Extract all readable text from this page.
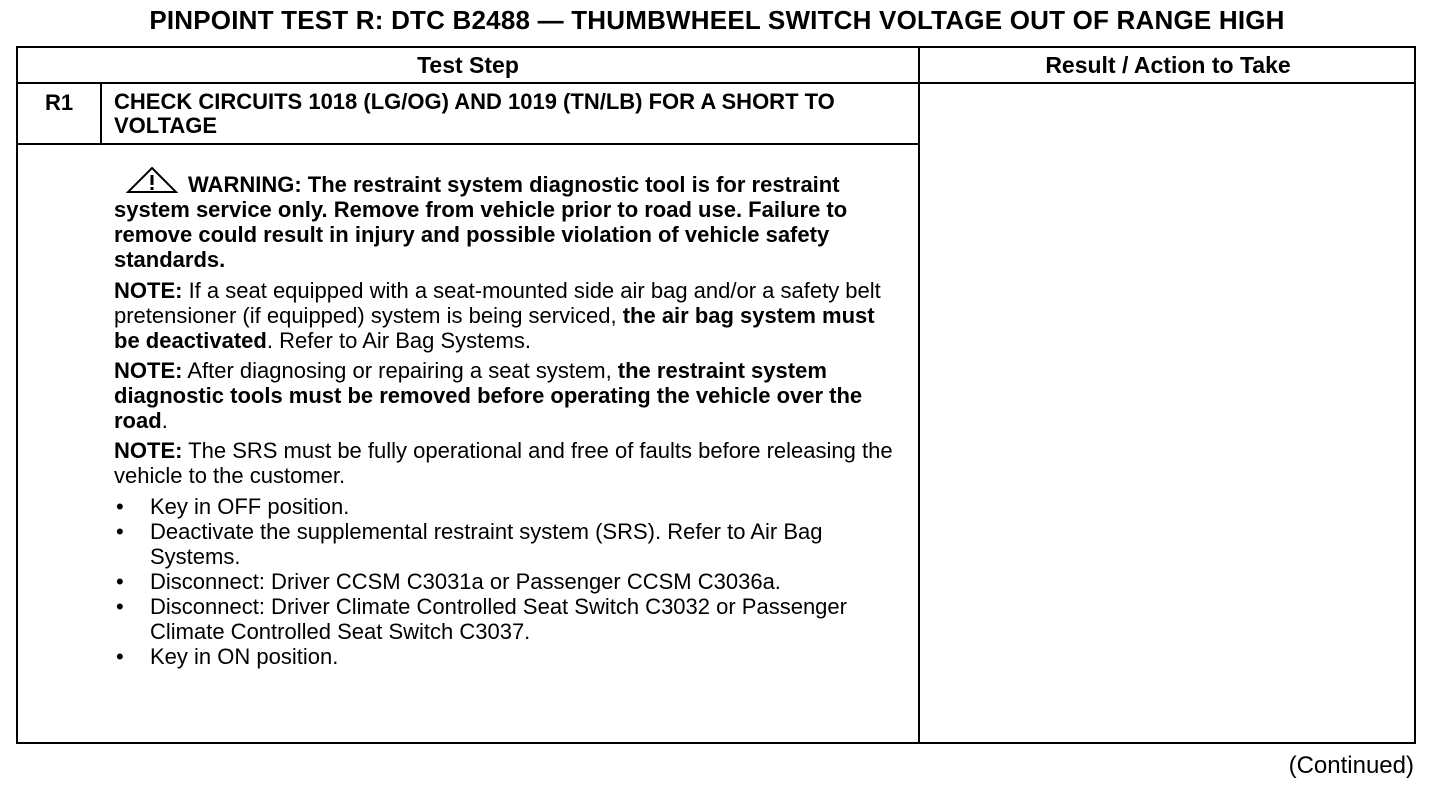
PINPOINT TEST R: DTC B2488 — THUMBWHEEL SWITCH VOLTAGE OUT OF RANGE HIGH
Test Step	Result / Action to Take
R1	CHECK CIRCUITS 1018 (LG/OG) AND 1019 (TN/LB) FOR A SHORT TO VOLTAGE
WARNING: The restraint system diagnostic tool is for restraint system service only. Remove from vehicle prior to road use. Failure to remove could result in injury and possible violation of vehicle safety standards.
NOTE: If a seat equipped with a seat-mounted side air bag and/or a safety belt pretensioner (if equipped) system is being serviced, the air bag system must be deactivated. Refer to Air Bag Systems.
NOTE: After diagnosing or repairing a seat system, the restraint system diagnostic tools must be removed before operating the vehicle over the road.
NOTE: The SRS must be fully operational and free of faults before releasing the vehicle to the customer.
• Key in OFF position.
• Deactivate the supplemental restraint system (SRS). Refer to Air Bag Systems.
• Disconnect: Driver CCSM C3031a or Passenger CCSM C3036a.
• Disconnect: Driver Climate Controlled Seat Switch C3032 or Passenger Climate Controlled Seat Switch C3037.
• Key in ON position.
(Continued)
